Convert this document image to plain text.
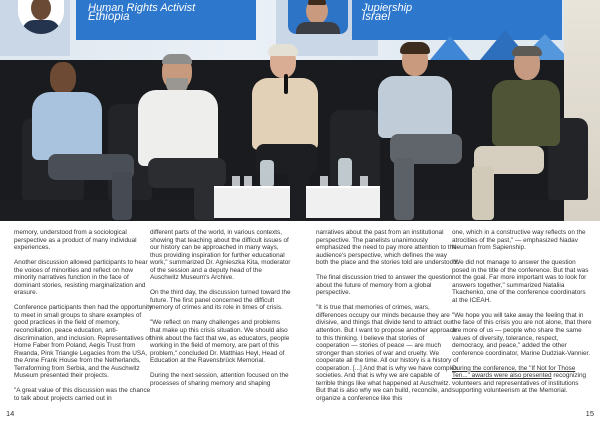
Human Rights Activist
Ethiopia
Jupiership
Israel

memory, understood from a sociological perspective as a product of many individual experiences.

Another discussion allowed participants to hear the voices of minorities and reflect on how minority narratives function in the face of dominant stories, resisting marginalization and erasure.

Conference participants then had the opportunity to meet in small groups to share examples of good practices in the field of memory, reconciliation, peace education, anti-discrimination, and inclusion. Representatives of Home Faber from Poland, Aegis Trust from Rwanda, Pink Triangle Legacies from the USA, the Anne Frank House from the Netherlands, Terraforming from Serbia, and the Auschwitz Museum presented their projects.

"A great value of this discussion was the chance to talk about projects carried out in

different parts of the world, in various contexts, showing that teaching about the difficult issues of our history can be approached in many ways, thus providing inspiration for further educational work," summarized Dr. Agnieszka Kita, moderator of the session and a deputy head of the Auschwitz Museum's Archive.

On the third day, the discussion turned toward the future. The first panel concerned the difficult memory of crimes and its role in times of crisis.

"We reflect on many challenges and problems that make up this crisis situation. We should also think about the fact that we, as educators, people working in the field of memory, are part of this problem," concluded Dr. Matthias Heyl, Head of Education at the Ravensbrück Memorial.

During the next session, attention focused on the processes of sharing memory and shaping

narratives about the past from an institutional perspective. The panelists unanimously emphasized the need to pay more attention to the audience's perspective, which defines the way both the place and the stories told are understood.

The final discussion tried to answer the question about the future of memory from a global perspective.

"It is true that memories of crimes, wars, differences occupy our minds because they are divisive, and things that divide tend to attract our attention. But I want to propose another approach to this thinking. I believe that stories of cooperation — stories of peace — are much stronger than stories of war and cruelty. We cooperate all the time. All our history is a history of cooperation. [...] And that is why we have complex societies. And that is why we are capable of terrible things like what happened at Auschwitz. But that is also why we can build, reconcile, and organize a conference like this

one, which in a constructive way reflects on the atrocities of the past," — emphasized Nadav Neuman from Sapienship.

"We did not manage to answer the question posed in the title of the conference. But that was not the goal. Far more important was to look for answers together," summarized Nataliia Tkachenko, one of the conference coordinators at the ICEAH.

"We hope you will take away the feeling that in the face of this crisis you are not alone, that there are more of us — people who share the same values of diversity, tolerance, respect, democracy, and peace," added the other conference coordinator, Marine Dudziak-Vannier.

During the conference, the "If Not for Those Ten..." awards were also presented recognizing volunteers and representatives of institutions supporting volunteerism at the Memorial.

14	15
